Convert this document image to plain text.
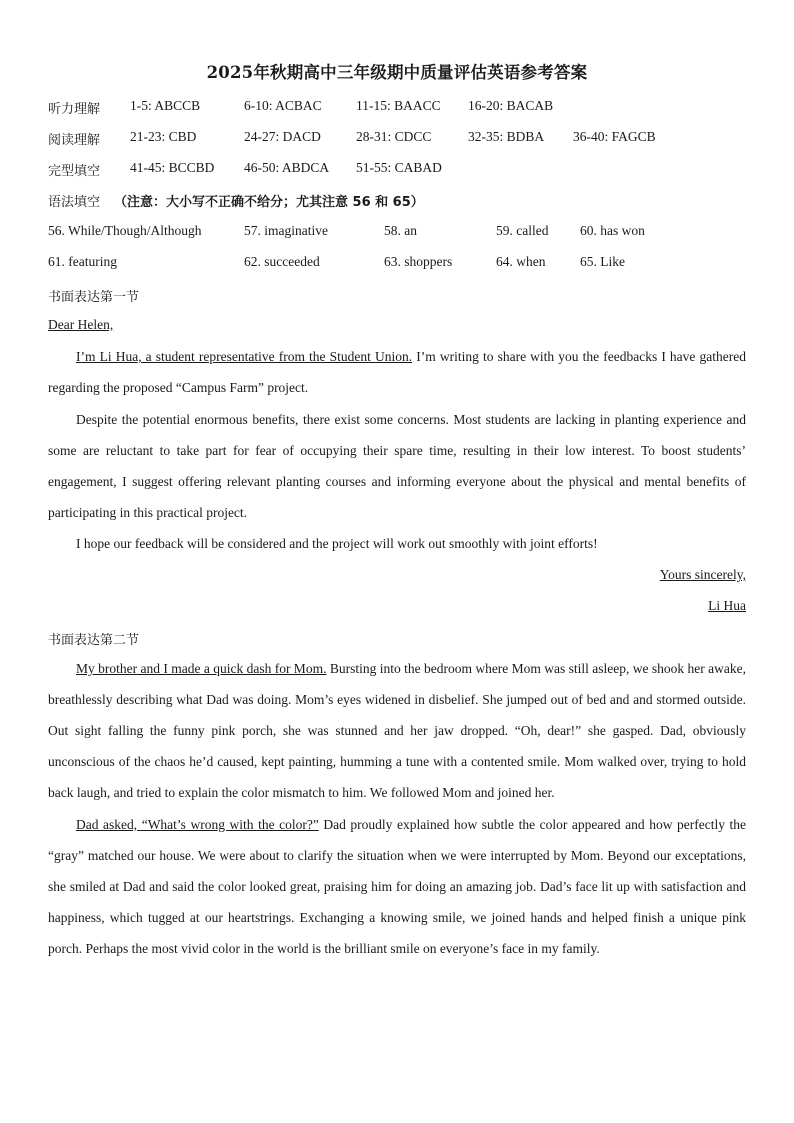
2025年秋期高中三年级期中质量评估英语参考答案
听力理解 1-5: ABCCB	6-10: ACBAC	11-15: BAACC 16-20: BACAB
阅读理解 21-23: CBD	24-27: DACD	28-31: CDCC	32-35: BDBA 36-40: FAGCB
完型填空 41-45: BCCBD 46-50: ABDCA 51-55: CABAD
语法填空 （注意：大小写不正确不给分；尤其注意 56 和 65）
56. While/Though/Although	57. imaginative	58. an	59. called 60. has won
61. featuring	62. succeeded	63. shoppers	64. when	65. Like
书面表达第一节
Dear Helen,

I’m Li Hua, a student representative from the Student Union. I’m writing to share with you the feedbacks I have gathered regarding the proposed “Campus Farm” project.

Despite the potential enormous benefits, there exist some concerns. Most students are lacking in planting experience and some are reluctant to take part for fear of occupying their spare time, resulting in their low interest. To boost students’ engagement, I suggest offering relevant planting courses and informing everyone about the physical and mental benefits of participating in this practical project.

I hope our feedback will be considered and the project will work out smoothly with joint efforts!

Yours sincerely,
Li Hua
书面表达第二节

My brother and I made a quick dash for Mom. Bursting into the bedroom where Mom was still asleep, we shook her awake, breathlessly describing what Dad was doing. Mom’s eyes widened in disbelief. She jumped out of bed and and stormed outside. Out sight falling the funny pink porch, she was stunned and her jaw dropped. “Oh, dear!” she gasped. Dad, obviously unconscious of the chaos he’d caused, kept painting, humming a tune with a contented smile. Mom walked over, trying to hold back laugh, and tried to explain the color mismatch to him. We followed Mom and joined her.

Dad asked, “What’s wrong with the color?” Dad proudly explained how subtle the color appeared and how perfectly the “gray” matched our house. We were about to clarify the situation when we were interrupted by Mom. Beyond our exceptations, she smiled at Dad and said the color looked great, praising him for doing an amazing job. Dad’s face lit up with satisfaction and happiness, which tugged at our heartstrings. Exchanging a knowing smile, we joined hands and helped finish a unique pink porch. Perhaps the most vivid color in the world is the brilliant smile on everyone’s face in my family.
